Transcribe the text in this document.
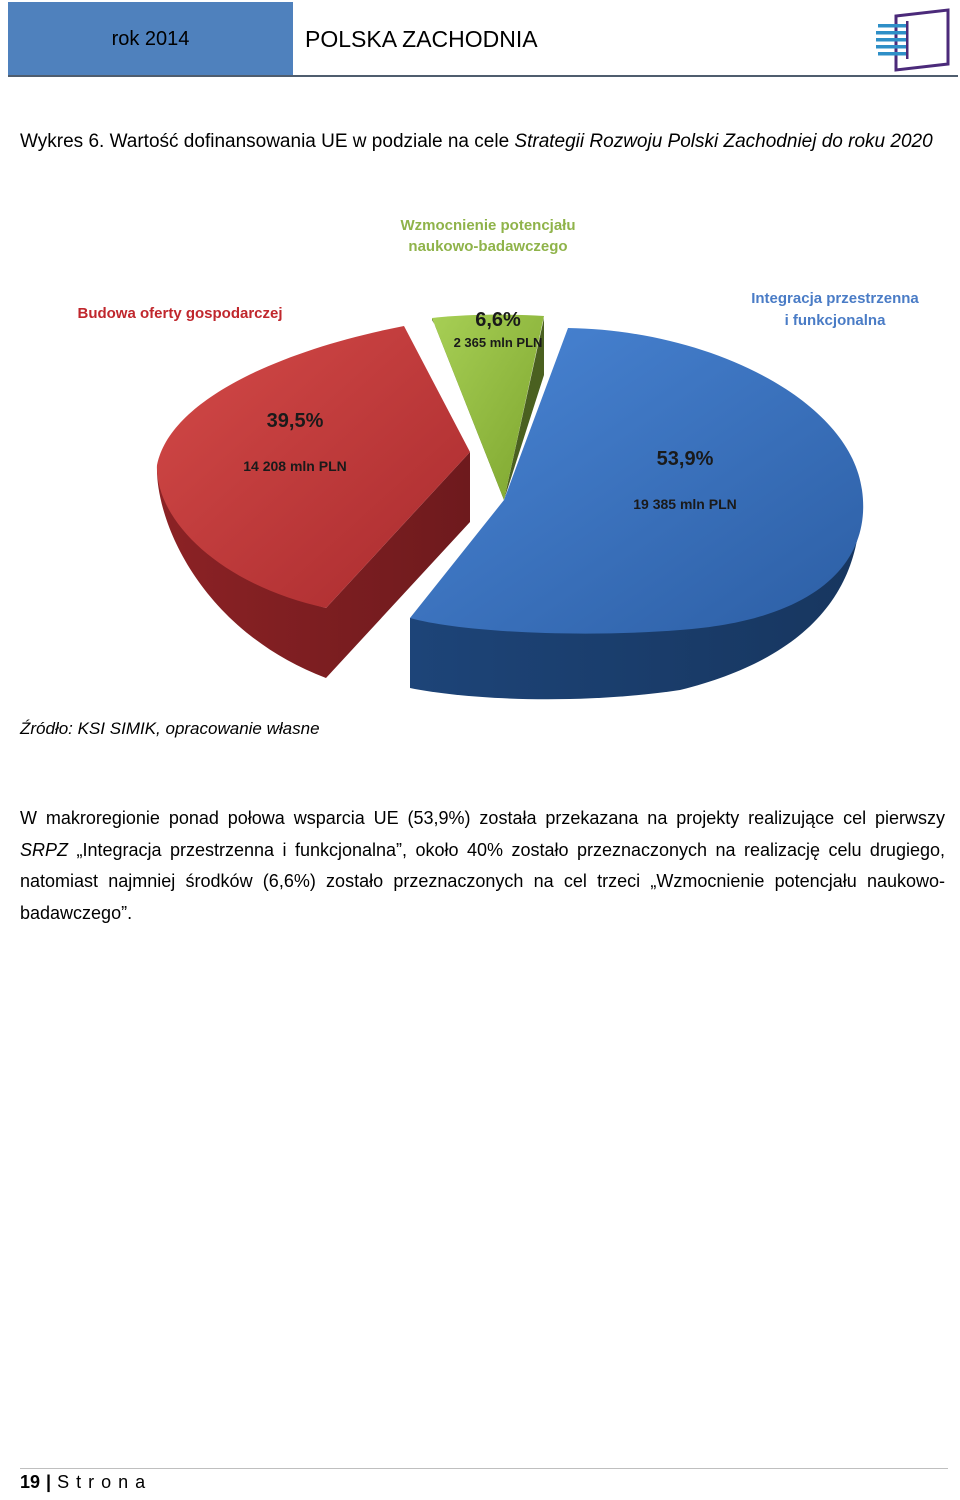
rok 2014	POLSKA ZACHODNIA
Wykres 6. Wartość dofinansowania UE w podziale na cele Strategii Rozwoju Polski Zachodniej do roku 2020
Wzmocnienie potencjału
naukowo-badawczego
Budowa oferty gospodarczej
Integracja przestrzenna
i funkcjonalna
6,6%
2 365 mln PLN
39,5%
14 208 mln PLN	53,9%
19 385 mln PLN
Źródło: KSI SIMIK, opracowanie własne
W makroregionie ponad połowa wsparcia UE (53,9%) została przekazana na projekty realizujące cel pierwszy SRPZ „Integracja przestrzenna i funkcjonalna”, około 40% zostało przeznaczonych na realizację celu drugiego, natomiast najmniej środków (6,6%) zostało przeznaczonych na cel trzeci „Wzmocnienie potencjału naukowo-badawczego”.
19 | Strona
